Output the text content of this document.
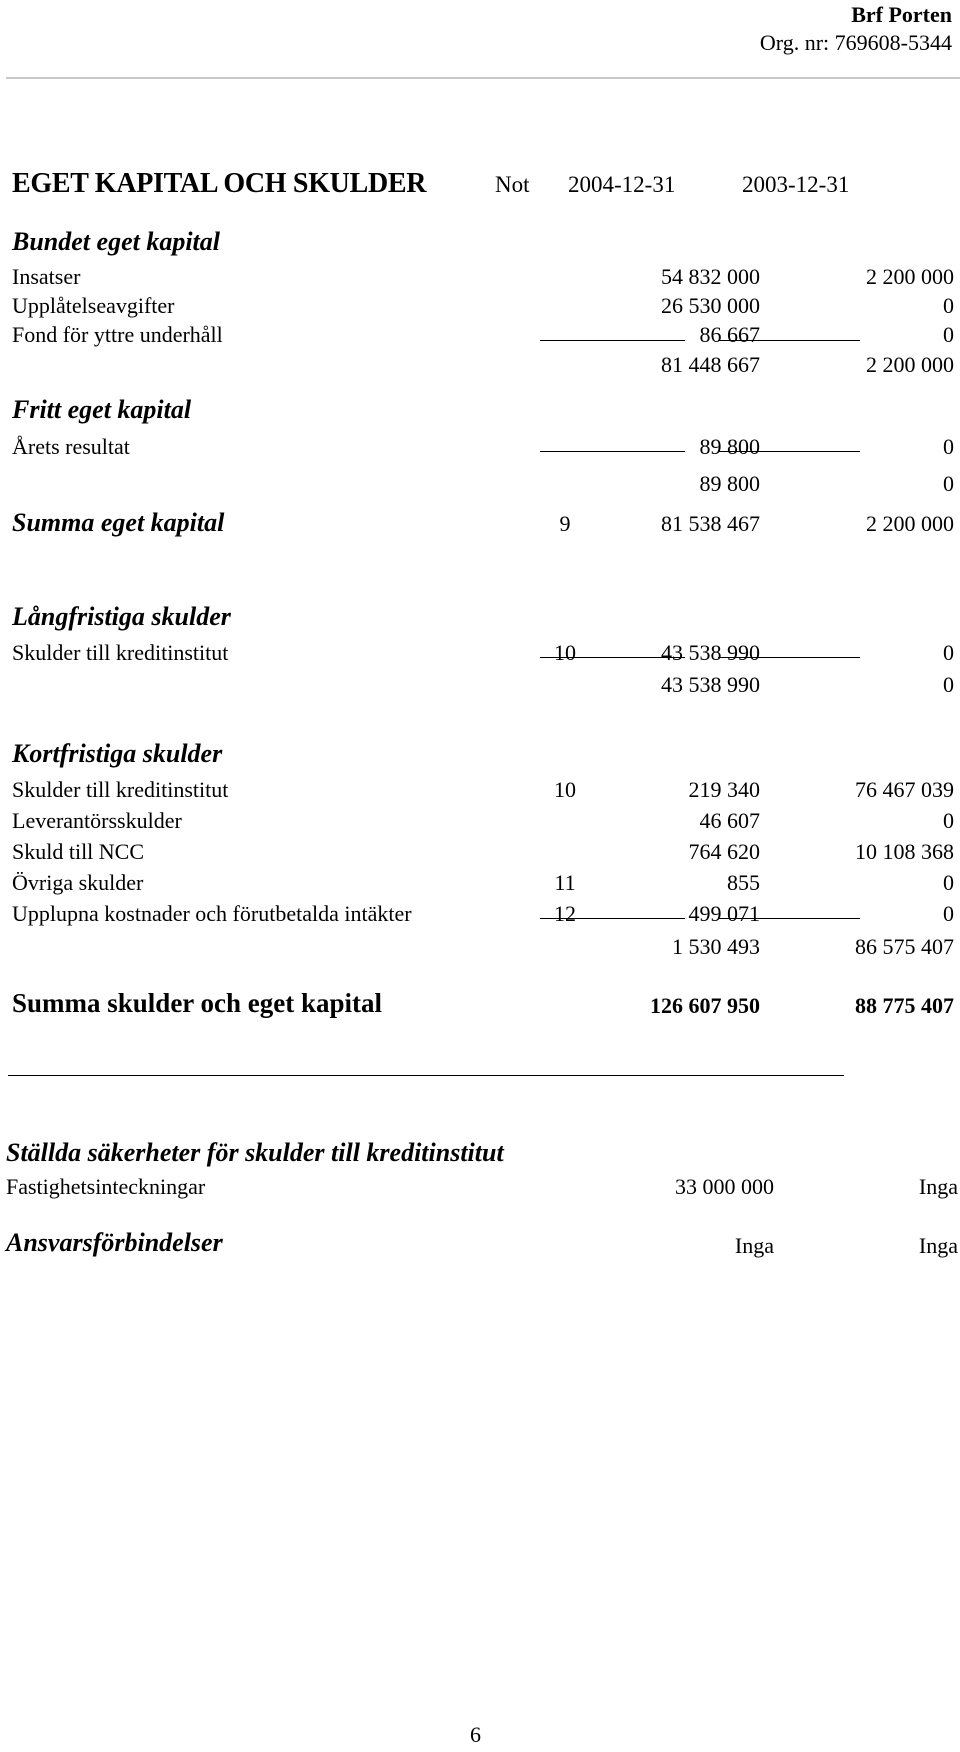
Brf Porten
Org. nr: 769608-5344
EGET KAPITAL OCH SKULDER	Not 2004-12-31	2003-12-31
Bundet eget kapital
Insatser	54 832 000	2 200 000
Upplåtelseavgifter	26 530 000	0
Fond för yttre underhåll	86 667	0
81 448 667	2 200 000
Fritt eget kapital
Årets resultat	89 800	0
89 800	0
Summa eget kapital	9	81 538 467	2 200 000
Långfristiga skulder
Skulder till kreditinstitut	10	43 538 990	0
43 538 990	0
Kortfristiga skulder
Skulder till kreditinstitut	10	219 340	76 467 039
Leverantörsskulder	46 607	0
Skuld till NCC	764 620	10 108 368
Övriga skulder	11	855	0
Upplupna kostnader och förutbetalda intäkter	12	499 071	0
1 530 493	86 575 407
Summa skulder och eget kapital	126 607 950	88 775 407
Ställda säkerheter för skulder till kreditinstitut
Fastighetsinteckningar	33 000 000	Inga
Ansvarsförbindelser	Inga	Inga
6
